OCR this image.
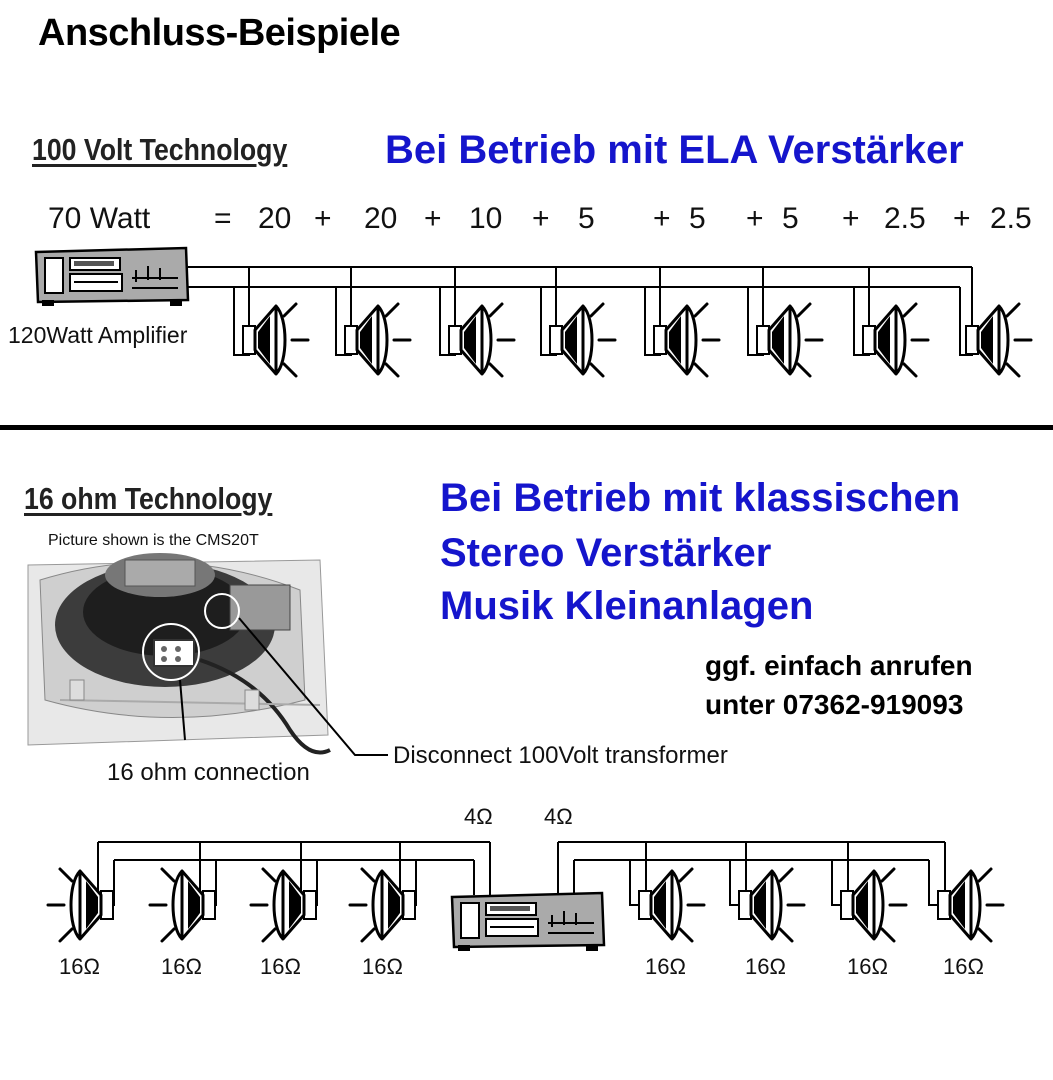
Anschluss-Beispiele
100 Volt Technology Bei Betrieb mit ELA Verstärker
70 Watt = 20 + 20 + 10 + 5 + 5 + 5 + 2.5 + 2.5
120Watt Amplifier
16 ohm Technology
Picture shown is the CMS20T
Bei Betrieb mit klassischen
Stereo Verstärker
Musik Kleinanlagen
ggf. einfach anrufen
unter 07362-919093
Disconnect 100Volt transformer
16 ohm connection
4Ω 4Ω
16Ω	16Ω	16Ω	16Ω	16Ω	16Ω	16Ω	16Ω
